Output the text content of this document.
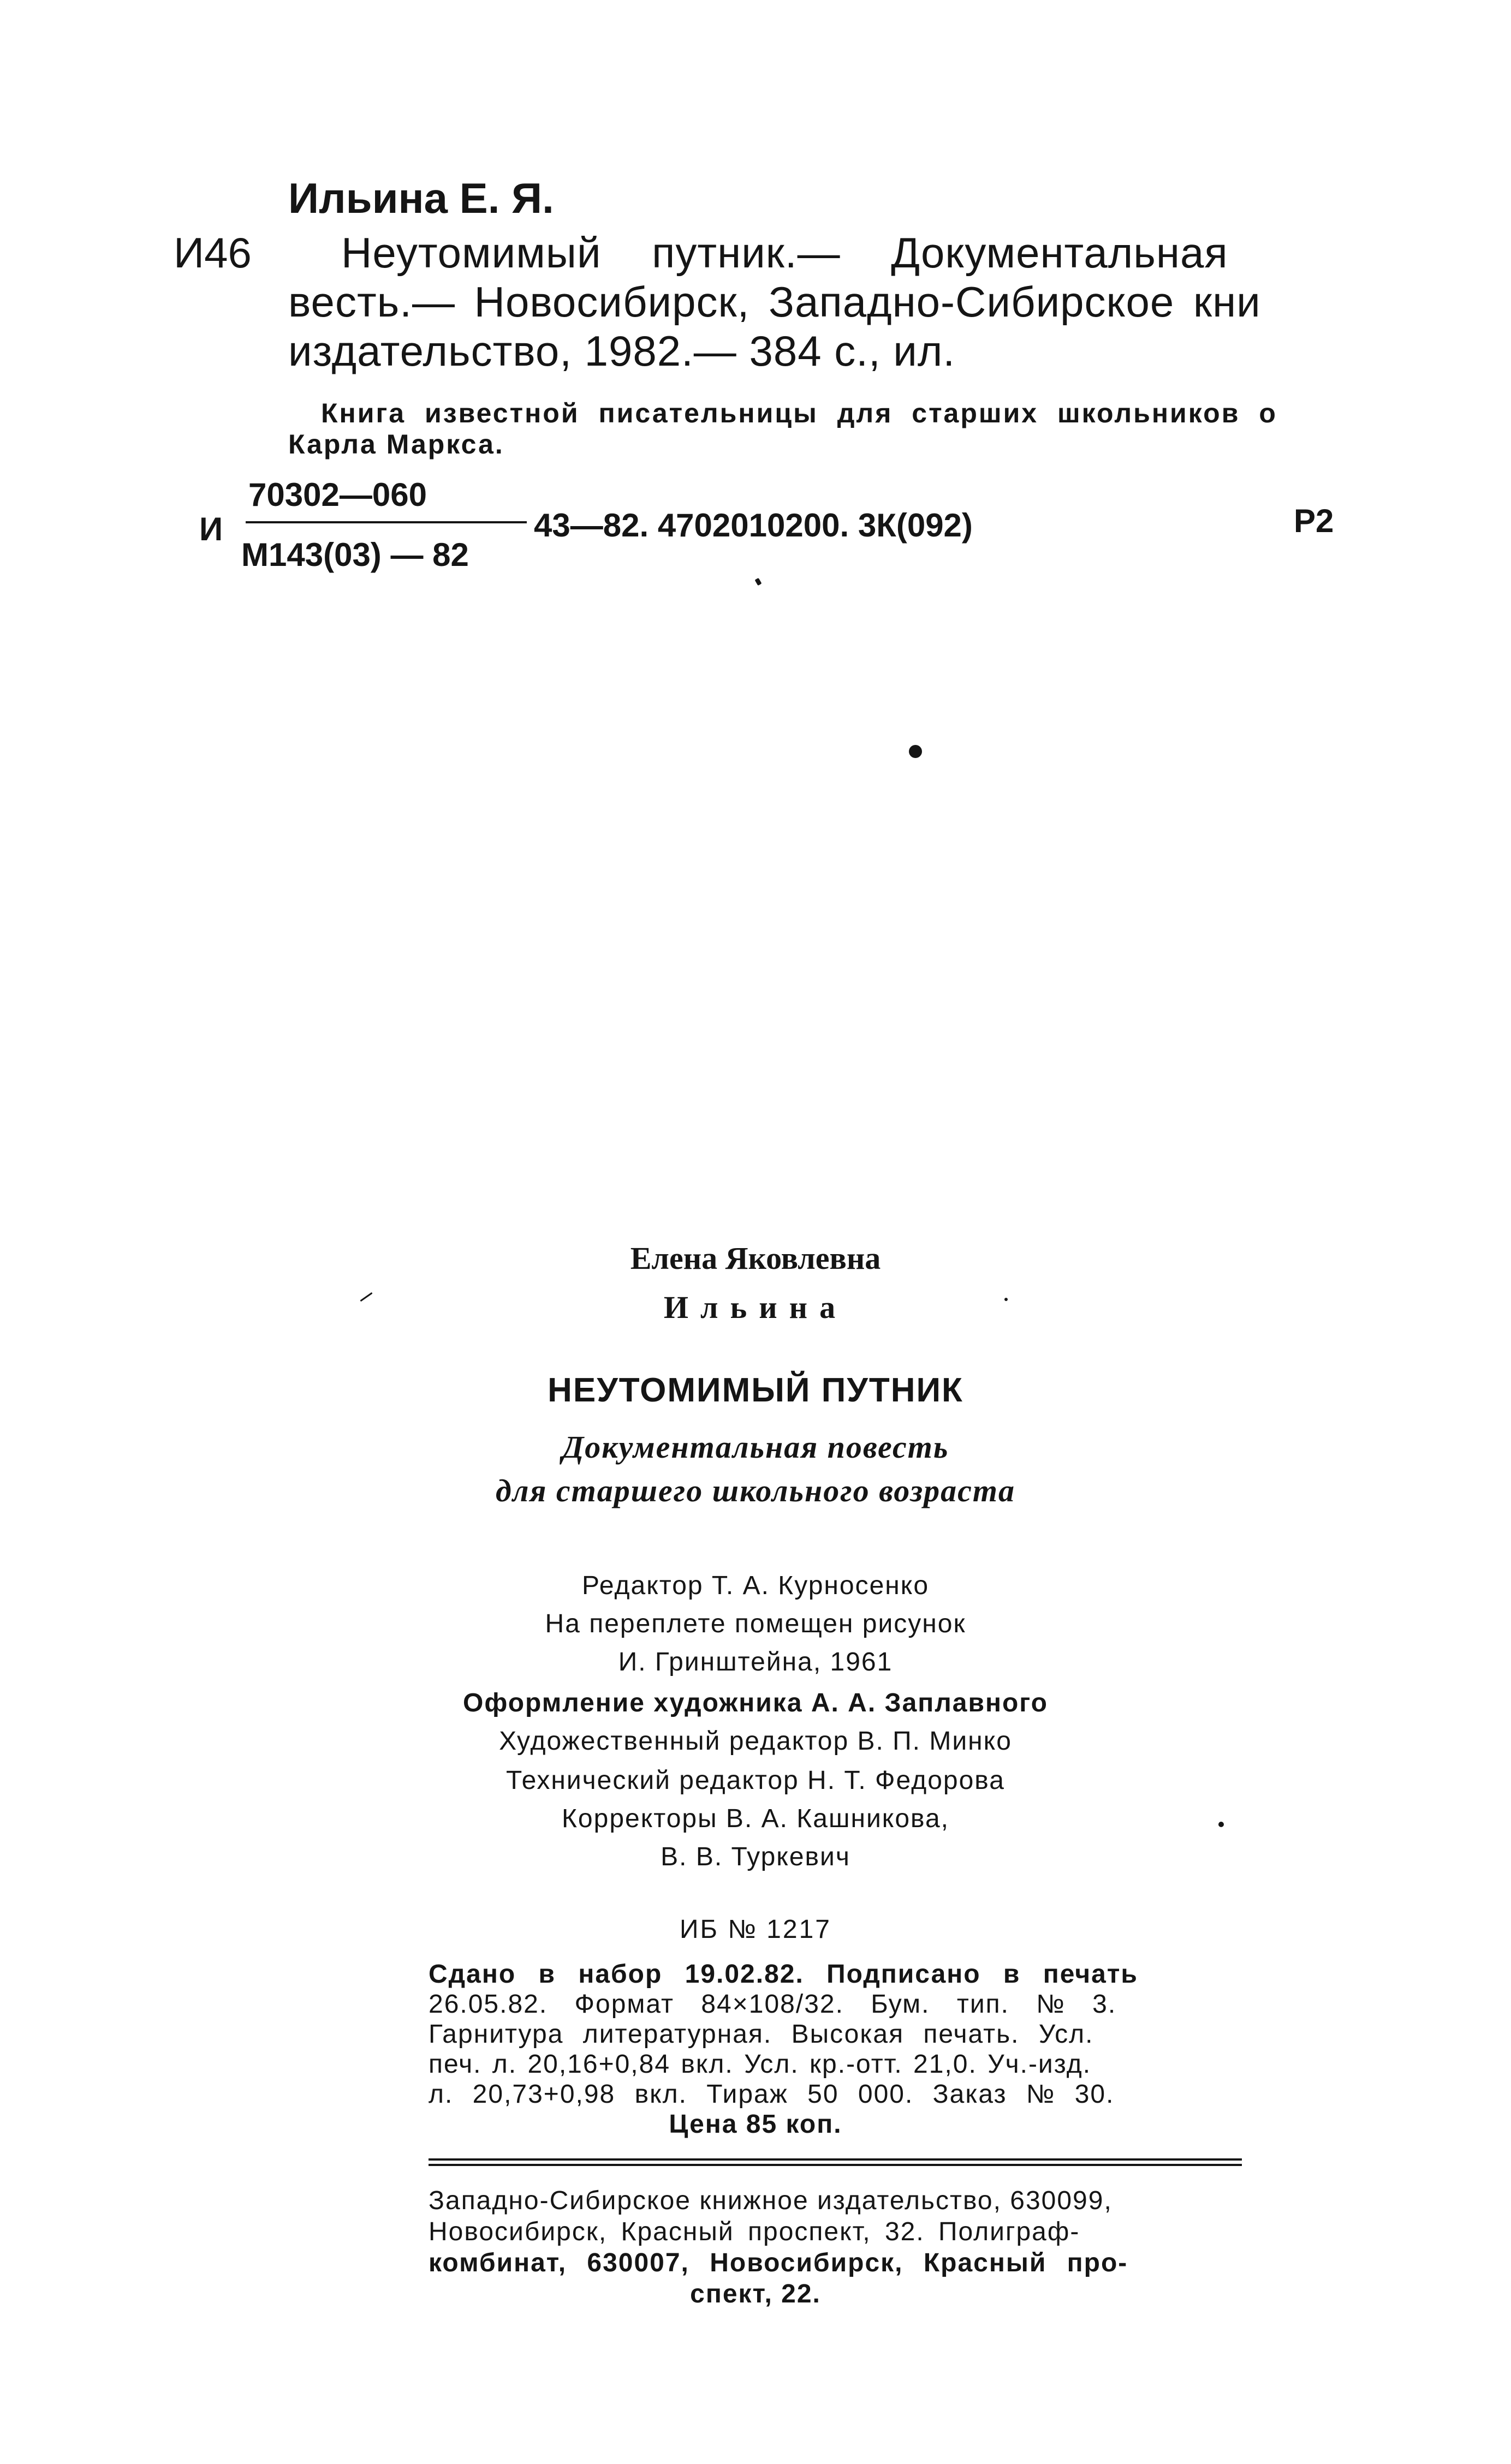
Ильина Е. Я.
И46 Неутомимый путник.— Документальная
весть.— Новосибирск, Западно-Сибирское кни
издательство, 1982.— 384 с., ил.
Книга известной писательницы для старших школьников о
Карла Маркса.
И
70302—060
М143(03) — 82
43—82. 4702010200. 3К(092)	Р2
Елена Яковлевна
Ильина
НЕУТОМИМЫЙ ПУТНИК
Документальная повесть
для старшего школьного возраста
Редактор Т. А. Курносенко
На переплете помещен рисунок
И. Гринштейна, 1961
Оформление художника А. А. Заплавного
Художественный редактор В. П. Минко
Технический редактор Н. Т. Федорова
Корректоры В. А. Кашникова,
В. В. Туркевич
ИБ № 1217
Сдано в набор 19.02.82. Подписано в печать
26.05.82. Формат 84×108/32. Бум. тип. № 3.
Гарнитура литературная. Высокая печать. Усл.
печ. л. 20,16+0,84 вкл. Усл. кр.-отт. 21,0. Уч.-изд.
л. 20,73+0,98 вкл. Тираж 50 000. Заказ № 30.
Цена 85 коп.
Западно-Сибирское книжное издательство, 630099,
Новосибирск, Красный проспект, 32. Полиграф-
комбинат, 630007, Новосибирск, Красный про-
спект, 22.
